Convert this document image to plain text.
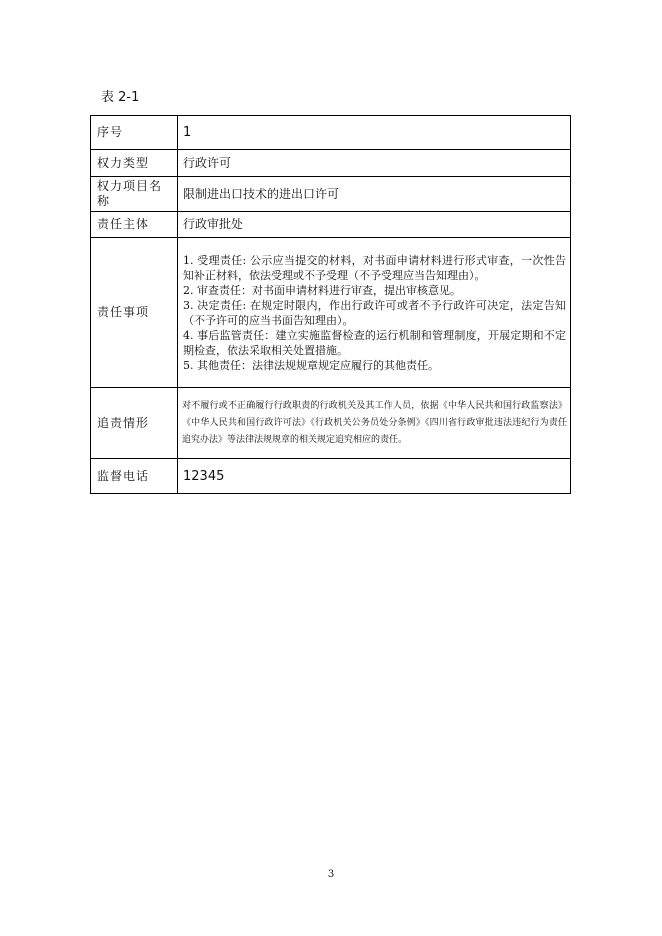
表 2-1
序号	1
权力类型	行政许可
权力项目名称	限制进出口技术的进出口许可
责任主体	行政审批处
责任事项	1. 受理责任: 公示应当提交的材料，对书面申请材料进行形式审查，一次性告知补正材料，依法受理或不予受理（不予受理应当告知理由）。
2. 审查责任：对书面申请材料进行审查，提出审核意见。
3. 决定责任: 在规定时限内，作出行政许可或者不予行政许可决定，法定告知（不予许可的应当书面告知理由）。
4. 事后监管责任：建立实施监督检查的运行机制和管理制度，开展定期和不定期检查，依法采取相关处置措施。
5. 其他责任：法律法规规章规定应履行的其他责任。

追责情形	对不履行或不正确履行行政职责的行政机关及其工作人员，依据《中华人民共和国行政监察法》《中华人民共和国行政许可法》《行政机关公务员处分条例》《四川省行政审批违法违纪行为责任追究办法》等法律法规规章的相关规定追究相应的责任。
监督电话	12345
3
